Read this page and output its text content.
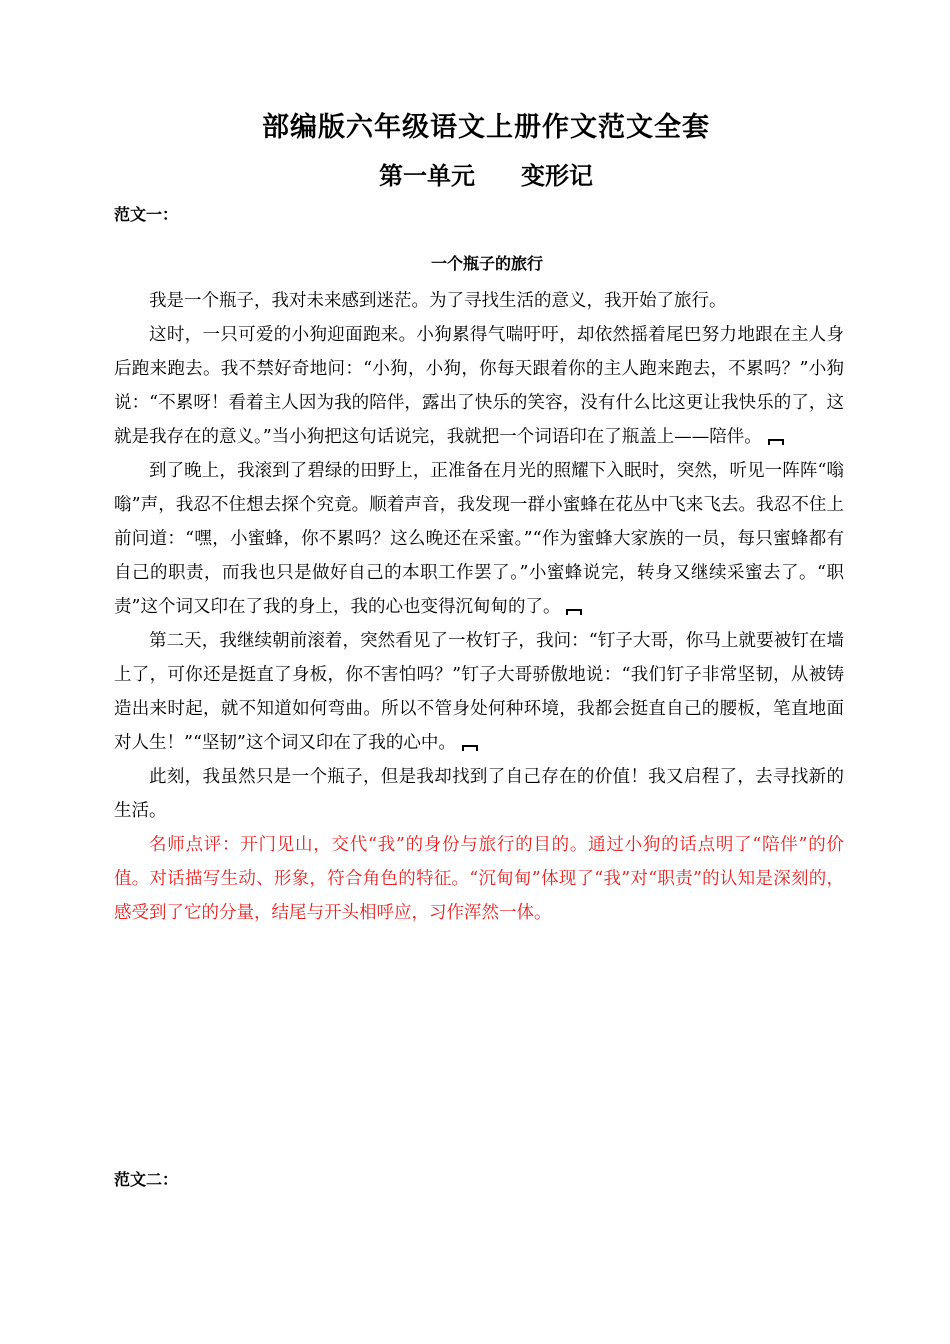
部编版六年级语文上册作文范文全套
第一单元 变形记
范文一：
一个瓶子的旅行

我是一个瓶子，我对未来感到迷茫。为了寻找生活的意义，我开始了旅行。

这时，一只可爱的小狗迎面跑来。小狗累得气喘吁吁，却依然摇着尾巴努力地跟在主人身后跑来跑去。我不禁好奇地问：“小狗，小狗，你每天跟着你的主人跑来跑去，不累吗？”小狗说：“不累呀！看着主人因为我的陪伴，露出了快乐的笑容，没有什么比这更让我快乐的了，这就是我存在的意义。”当小狗把这句话说完，我就把一个词语印在了瓶盖上——陪伴。

到了晚上，我滚到了碧绿的田野上，正准备在月光的照耀下入眠时，突然，听见一阵阵“嗡嗡”声，我忍不住想去探个究竟。顺着声音，我发现一群小蜜蜂在花丛中飞来飞去。我忍不住上前问道：“嘿，小蜜蜂，你不累吗？这么晚还在采蜜。”“作为蜜蜂大家族的一员，每只蜜蜂都有自己的职责，而我也只是做好自己的本职工作罢了。”小蜜蜂说完，转身又继续采蜜去了。“职责”这个词又印在了我的身上，我的心也变得沉甸甸的了。

第二天，我继续朝前滚着，突然看见了一枚钉子，我问：“钉子大哥，你马上就要被钉在墙上了，可你还是挺直了身板，你不害怕吗？”钉子大哥骄傲地说：“我们钉子非常坚韧，从被铸造出来时起，就不知道如何弯曲。所以不管身处何种环境，我都会挺直自己的腰板，笔直地面对人生！”“坚韧”这个词又印在了我的心中。

此刻，我虽然只是一个瓶子，但是我却找到了自己存在的价值！我又启程了，去寻找新的生活。

名师点评：开门见山，交代“我”的身份与旅行的目的。通过小狗的话点明了“陪伴”的价值。对话描写生动、形象，符合角色的特征。“沉甸甸”体现了“我”对“职责”的认知是深刻的，感受到了它的分量，结尾与开头相呼应，习作浑然一体。

范文二：
